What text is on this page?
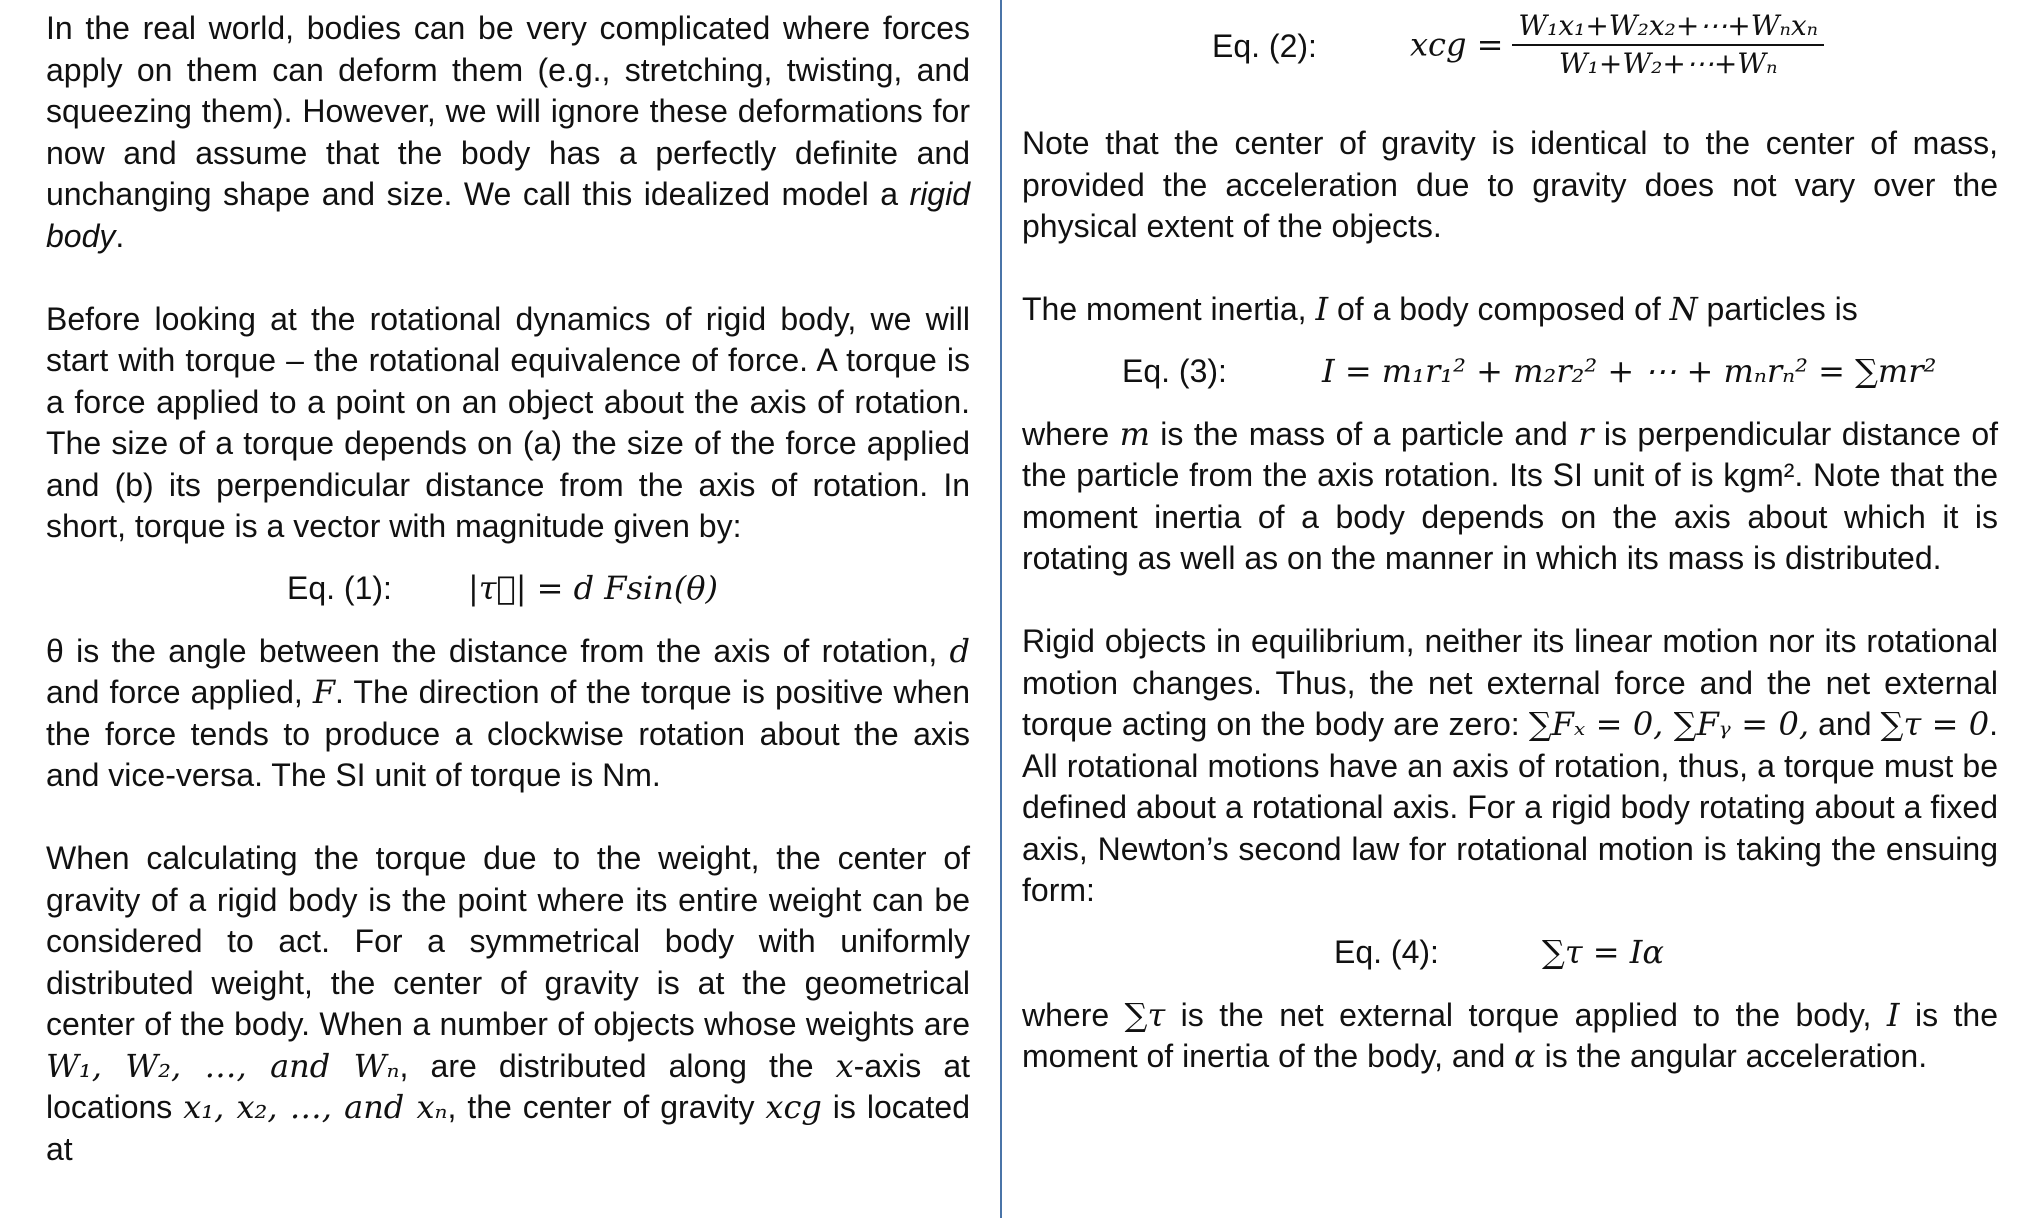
In the real world, bodies can be very complicated where forces apply on them can deform them (e.g., stretching, twisting, and squeezing them). However, we will ignore these deformations for now and assume that the body has a perfectly definite and unchanging shape and size. We call this idealized model a rigid body.

Before looking at the rotational dynamics of rigid body, we will start with torque – the rotational equivalence of force. A torque is a force applied to a point on an object about the axis of rotation. The size of a torque depends on (a) the size of the force applied and (b) its perpendicular distance from the axis of rotation. In short, torque is a vector with magnitude given by:

Eq. (1): |τ⃗| = d Fsin(θ)

θ is the angle between the distance from the axis of rotation, d and force applied, F. The direction of the torque is positive when the force tends to produce a clockwise rotation about the axis and vice-versa. The SI unit of torque is Nm.

When calculating the torque due to the weight, the center of gravity of a rigid body is the point where its entire weight can be considered to act. For a symmetrical body with uniformly distributed weight, the center of gravity is at the geometrical center of the body. When a number of objects whose weights are W₁, W₂, …, and Wₙ, are distributed along the x-axis at locations x₁, x₂, …, and xₙ, the center of gravity xcg is located at

Eq. (2):	xcg = $\frac{\text{W₁x₁+W₂x₂+⋯+Wₙxₙ}}{\text{W₁+W₂+⋯+Wₙ}}$

Note that the center of gravity is identical to the center of mass, provided the acceleration due to gravity does not vary over the physical extent of the objects.

The moment inertia, I of a body composed of N particles is

Eq. (3):	I = m₁r₁² + m₂r₂² + ⋯ + mₙrₙ² = ∑mr²

where m is the mass of a particle and r is perpendicular distance of the particle from the axis rotation. Its SI unit of is kgm². Note that the moment inertia of a body depends on the axis about which it is rotating as well as on the manner in which its mass is distributed.

Rigid objects in equilibrium, neither its linear motion nor its rotational motion changes. Thus, the net external force and the net external torque acting on the body are zero: ∑Fₓ = 0, ∑Fᵧ = 0, and ∑τ = 0. All rotational motions have an axis of rotation, thus, a torque must be defined about a rotational axis. For a rigid body rotating about a fixed axis, Newton’s second law for rotational motion is taking the ensuing form:

Eq. (4):	∑τ = Iα

where ∑τ is the net external torque applied to the body, I is the moment of inertia of the body, and α is the angular acceleration.
